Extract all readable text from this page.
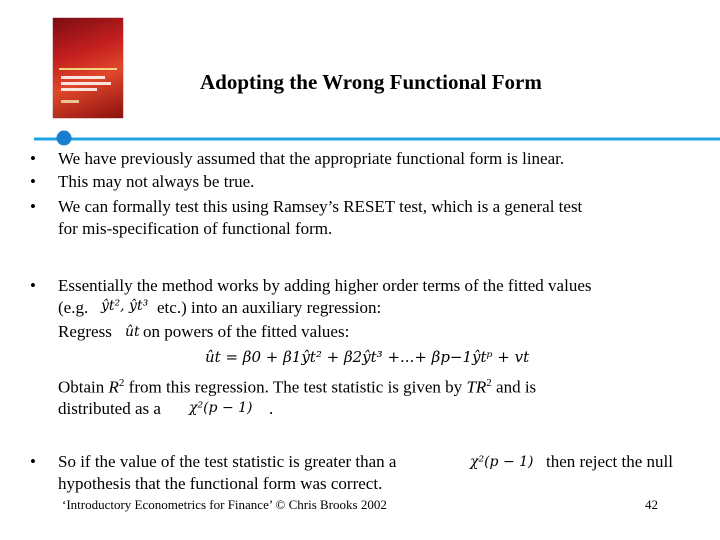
Adopting the Wrong Functional Form
• We have previously assumed that the appropriate functional form is linear.
• This may not always be true.
• We can formally test this using Ramsey’s RESET test, which is a general test
for mis-specification of functional form.
• Essentially the method works by adding higher order terms of the fitted values
(e.g. ŷt², ŷt³ etc.) into an auxiliary regression:
Regress ût on powers of the fitted values:
ût = β0 + β1ŷt² + β2ŷt³ +...+ βp−1ŷtᵖ + vt
Obtain $R^2$ from this regression. The test statistic is given by $TR^2$ and is
distributed as a χ²(p − 1) .
• So if the value of the test statistic is greater than a	χ²(p − 1) then reject the null
hypothesis that the functional form was correct.
‘Introductory Econometrics for Finance’ © Chris Brooks 2002	42
